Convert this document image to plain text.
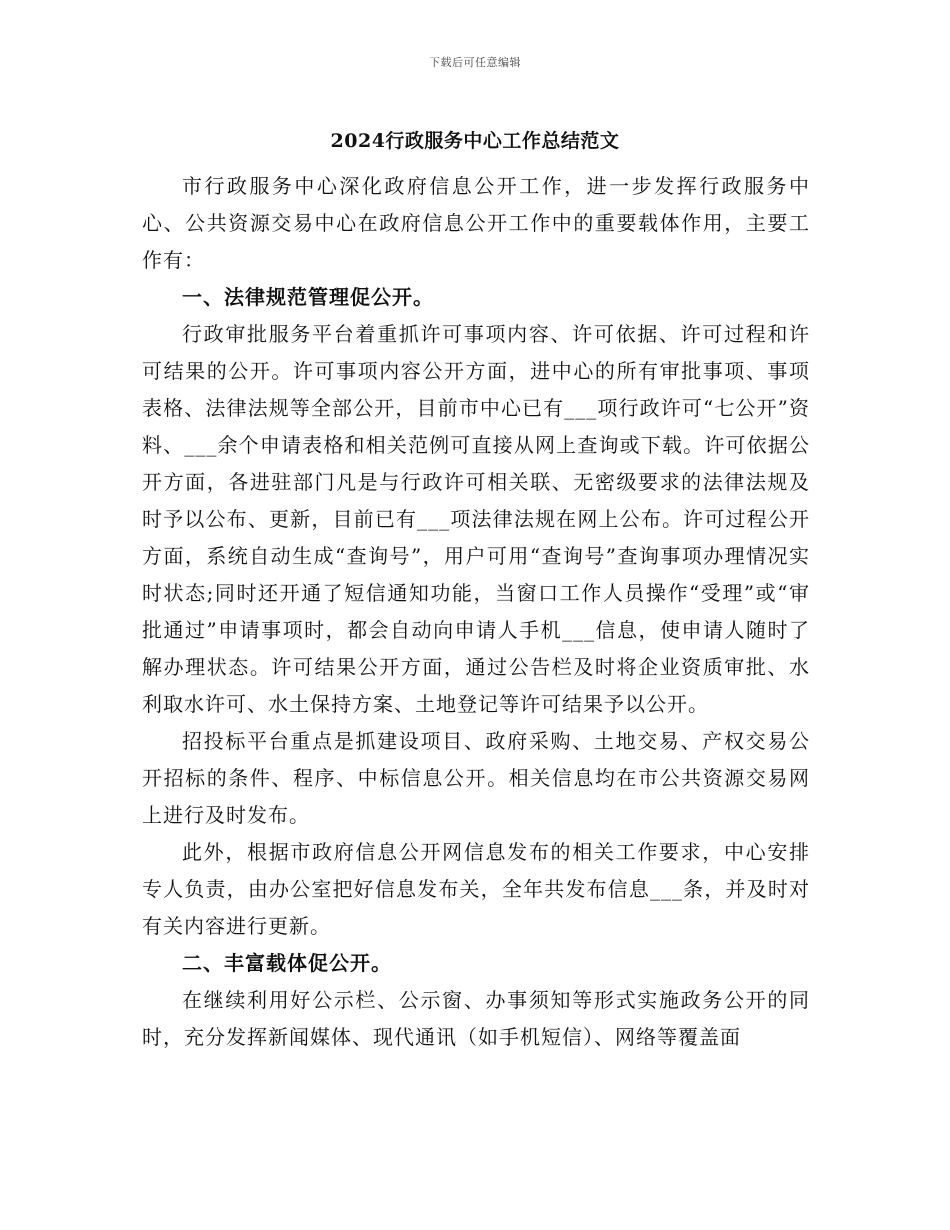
下载后可任意编辑
2024行政服务中心工作总结范文

市行政服务中心深化政府信息公开工作，进一步发挥行政服务中心、公共资源交易中心在政府信息公开工作中的重要载体作用，主要工作有：

一、法律规范管理促公开。

行政审批服务平台着重抓许可事项内容、许可依据、许可过程和许可结果的公开。许可事项内容公开方面，进中心的所有审批事项、事项表格、法律法规等全部公开，目前市中心已有___项行政许可“七公开”资料、___余个申请表格和相关范例可直接从网上查询或下载。许可依据公开方面，各进驻部门凡是与行政许可相关联、无密级要求的法律法规及时予以公布、更新，目前已有___项法律法规在网上公布。许可过程公开方面，系统自动生成“查询号”，用户可用“查询号”查询事项办理情况实时状态;同时还开通了短信通知功能，当窗口工作人员操作“受理”或“审批通过”申请事项时，都会自动向申请人手机___信息，使申请人随时了解办理状态。许可结果公开方面，通过公告栏及时将企业资质审批、水利取水许可、水土保持方案、土地登记等许可结果予以公开。

招投标平台重点是抓建设项目、政府采购、土地交易、产权交易公开招标的条件、程序、中标信息公开。相关信息均在市公共资源交易网上进行及时发布。

此外，根据市政府信息公开网信息发布的相关工作要求，中心安排专人负责，由办公室把好信息发布关，全年共发布信息___条，并及时对有关内容进行更新。

二、丰富载体促公开。

在继续利用好公示栏、公示窗、办事须知等形式实施政务公开的同时，充分发挥新闻媒体、现代通讯（如手机短信）、网络等覆盖面
